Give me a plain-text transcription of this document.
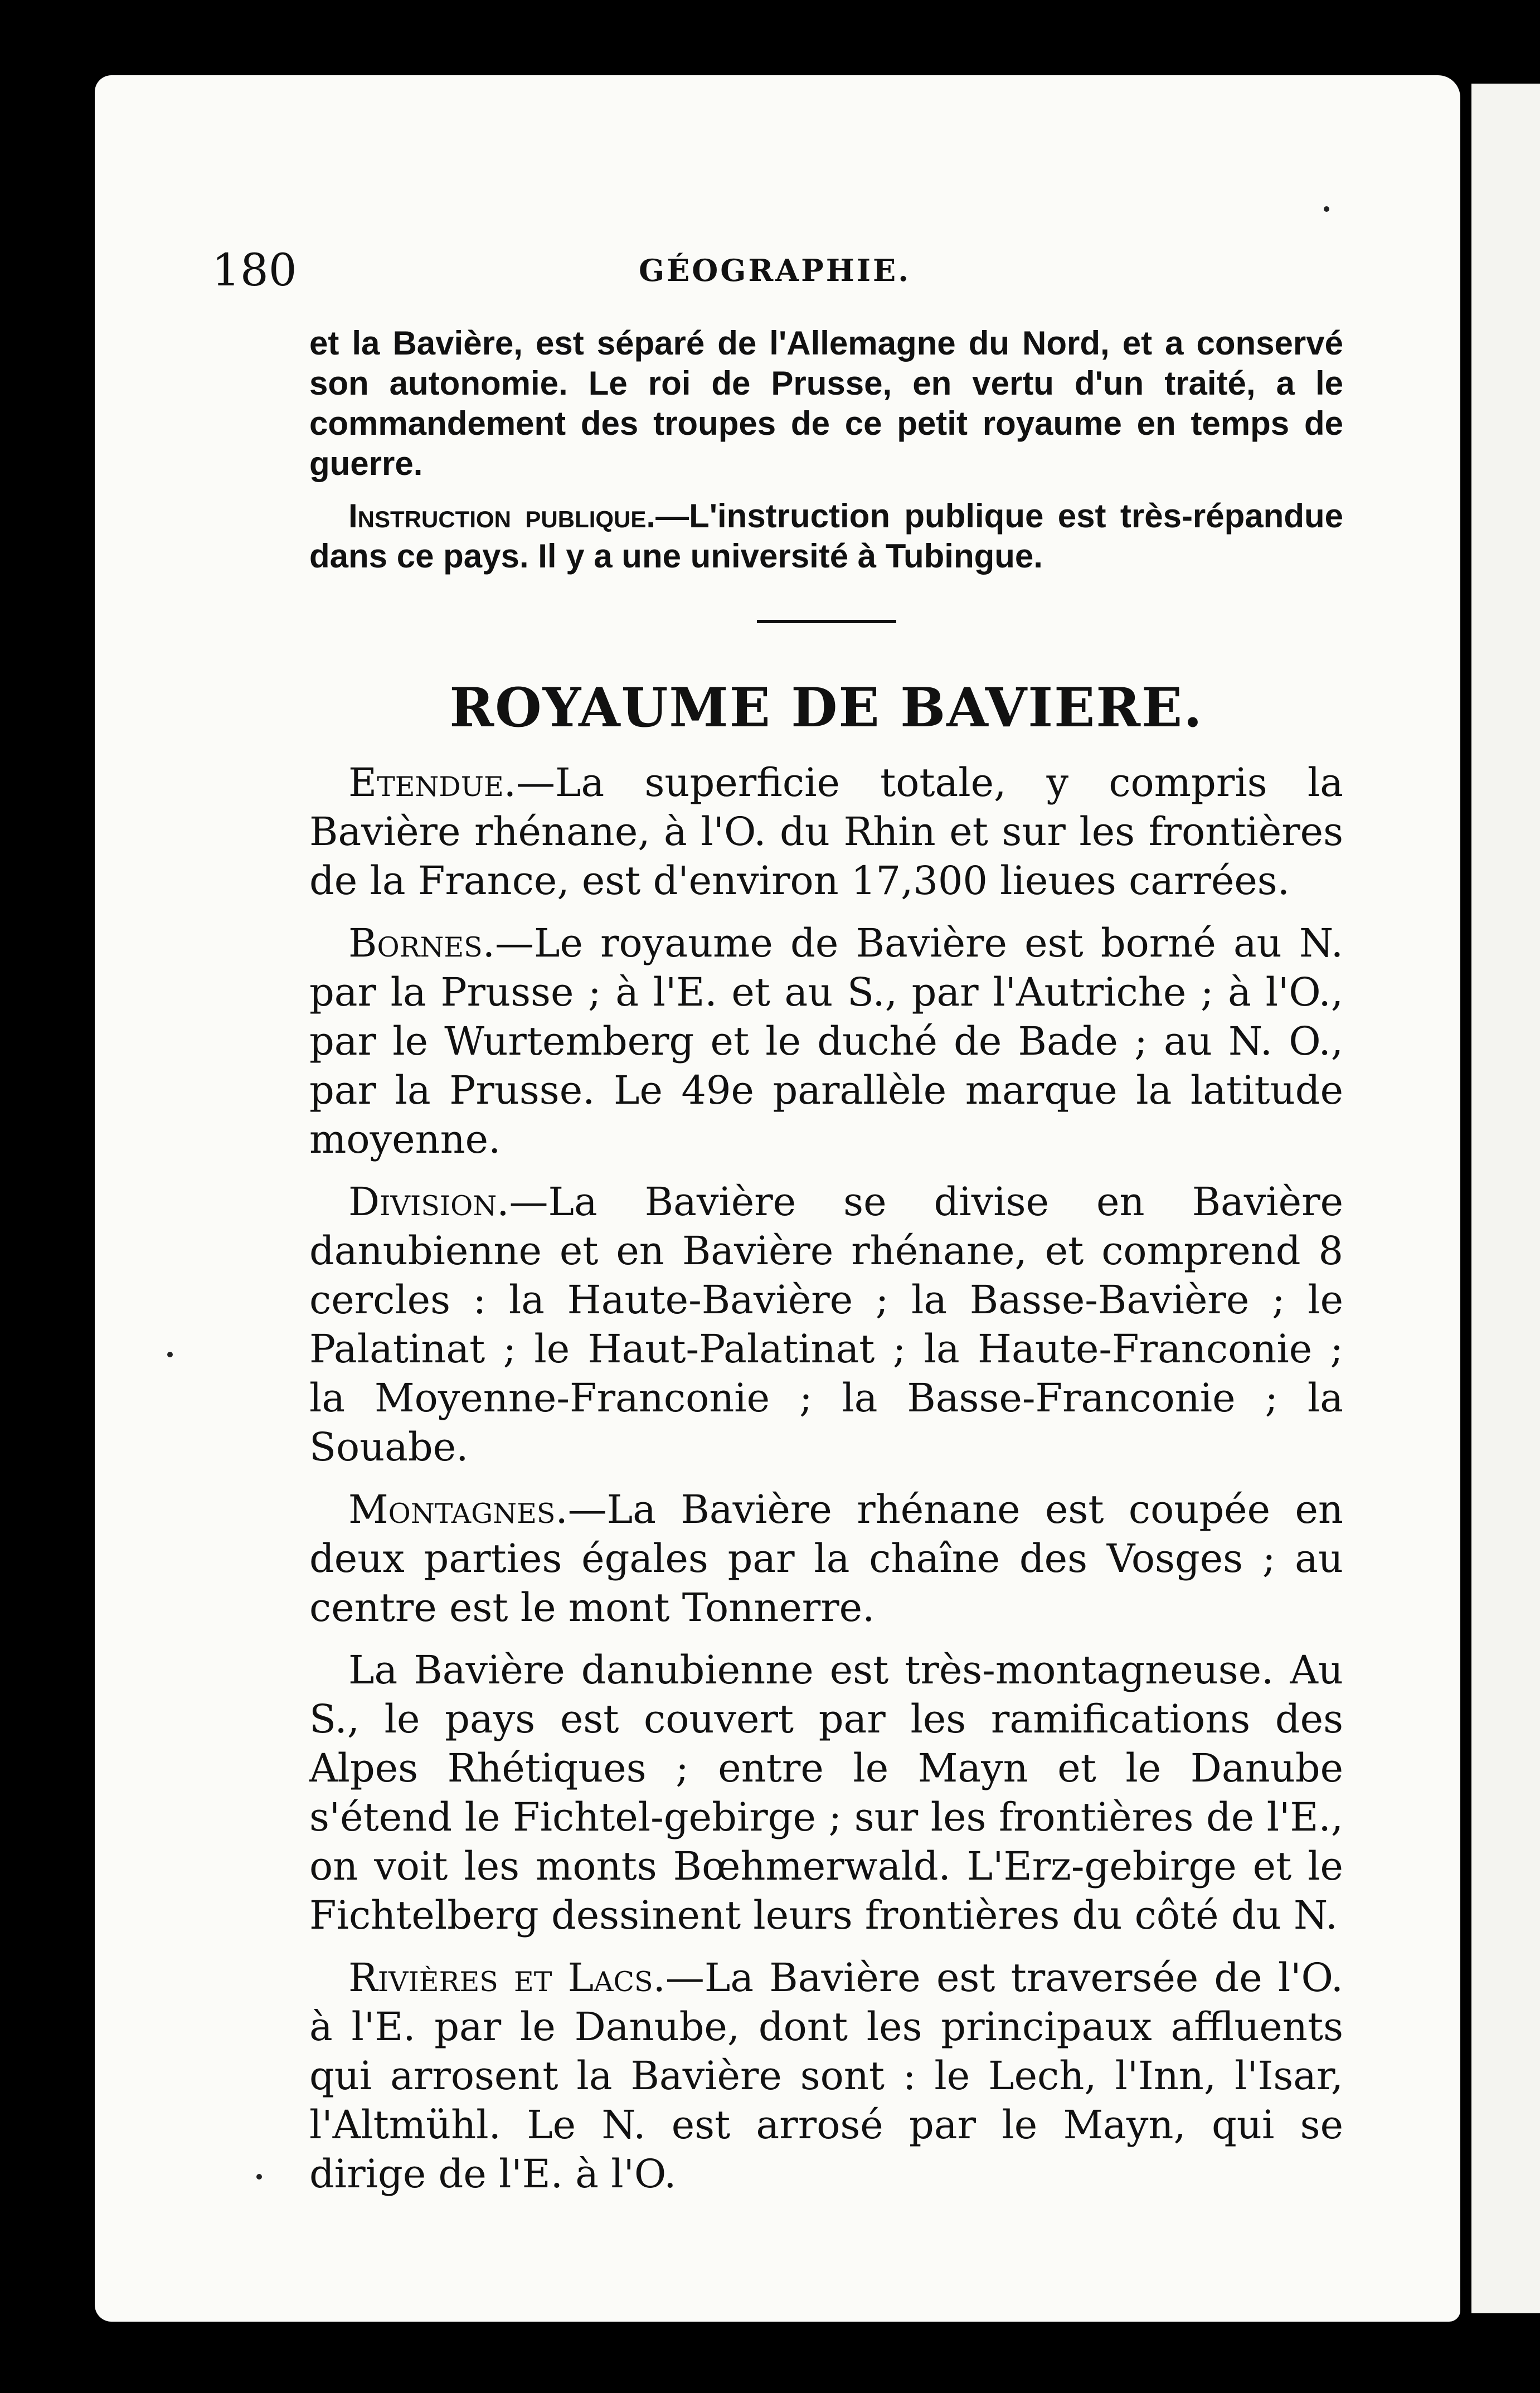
180	GÉOGRAPHIE.

et la Bavière, est séparé de l'Allemagne du Nord, et a conservé son autonomie. Le roi de Prusse, en vertu d'un traité, a le commandement des troupes de ce petit royaume en temps de guerre.

Instruction publique.—L'instruction publique est très-répandue dans ce pays. Il y a une université à Tubingue.

ROYAUME DE BAVIERE.

Etendue.—La superficie totale, y compris la Bavière rhénane, à l'O. du Rhin et sur les frontières de la France, est d'environ 17,300 lieues carrées.

Bornes.—Le royaume de Bavière est borné au N. par la Prusse ; à l'E. et au S., par l'Autriche ; à l'O., par le Wurtemberg et le duché de Bade ; au N. O., par la Prusse. Le 49e parallèle marque la latitude moyenne.

Division.—La Bavière se divise en Bavière danubienne et en Bavière rhénane, et comprend 8 cercles : la Haute-Bavière ; la Basse-Bavière ; le Palatinat ; le Haut-Palatinat ; la Haute-Franconie ; la Moyenne-Franconie ; la Basse-Franconie ; la Souabe.

Montagnes.—La Bavière rhénane est coupée en deux parties égales par la chaîne des Vosges ; au centre est le mont Tonnerre.

La Bavière danubienne est très-montagneuse. Au S., le pays est couvert par les ramifications des Alpes Rhétiques ; entre le Mayn et le Danube s'étend le Fichtel-gebirge ; sur les frontières de l'E., on voit les monts Bœhmerwald. L'Erz-gebirge et le Fichtelberg dessinent leurs frontières du côté du N.

Rivières et Lacs.—La Bavière est traversée de l'O. à l'E. par le Danube, dont les principaux affluents qui arrosent la Bavière sont : le Lech, l'Inn, l'Isar, l'Altmühl. Le N. est arrosé par le Mayn, qui se dirige de l'E. à l'O.
